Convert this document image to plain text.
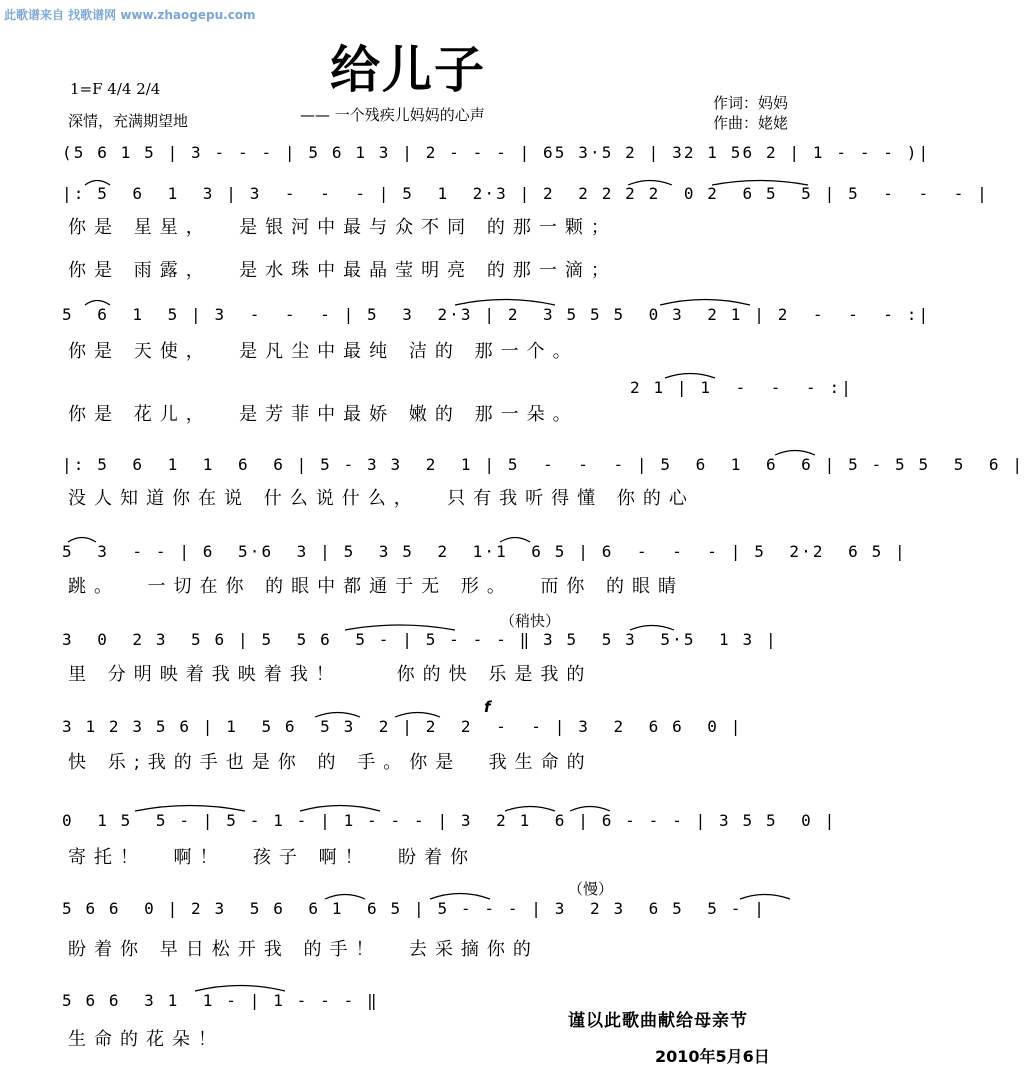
此歌谱来自 找歌谱网 www.zhaogepu.com
给儿子
1=F 4/4 2/4
深情，充满期望地	—— 一个残疾儿妈妈的心声
作词：妈妈
作曲：姥姥
(5 6 1 5 | 3 - - - | 5 6 1 3 | 2 - - - | 65 3·5 2 | 32 1 56 2 | 1 - - - )|
|: 5  6  1  3 | 3  -  -  - | 5  1  2·3 | 2  2 2 2 2  0 2  6 5  5 | 5  -  -  - |
你是 星星，  是银河中最与众不同 的那一颗；
你是 雨露，  是水珠中最晶莹明亮 的那一滴；
5  6  1  5 | 3  -  -  - | 5  3  2·3 | 2  3 5 5 5  0 3  2 1 | 2  -  -  - :|
你是 天使，  是凡尘中最纯 洁的 那一个。
2 1 | 1  -  -  - :|
你是 花儿，  是芳菲中最娇 嫩的 那一朵。
|: 5  6  1  1  6  6 | 5 - 3 3  2  1 | 5  -  -  - | 5  6  1  6  6 | 5 - 5 5  5  6 |
没人知道你在说 什么说什么，  只有我听得懂 你的心
5  3  - - | 6  5·6  3 | 5  3 5  2  1·1  6 5 | 6  -  -  - | 5  2·2  6 5 |
跳。  一切在你 的眼中都通于无 形。  而你 的眼睛
（稍快）
3  0  2 3  5 6 | 5  5 6  5 - | 5 - - - ‖ 3 5  5 3  5·5  1 3 |
里 分明映着我映着我！    你的快 乐是我的
f
3 1 2 3 5 6 | 1  5 6  5 3  2 | 2  2  -  - | 3  2  6 6  0 |
快 乐;我的手也是你 的 手。你是  我生命的
0  1 5  5 - | 5 - 1 - | 1 - - - | 3  2 1  6 | 6 - - - | 3 5 5  0 |
寄托！  啊！  孩子 啊！  盼着你
（慢）
5 6 6  0 | 2 3  5 6  6 1  6 5 | 5 - - - | 3  2 3  6 5  5 - |
盼着你 早日松开我 的手！  去采摘你的
5 6 6  3 1  1 - | 1 - - - ‖
生命的花朵！
谨以此歌曲献给母亲节
2010年5月6日
